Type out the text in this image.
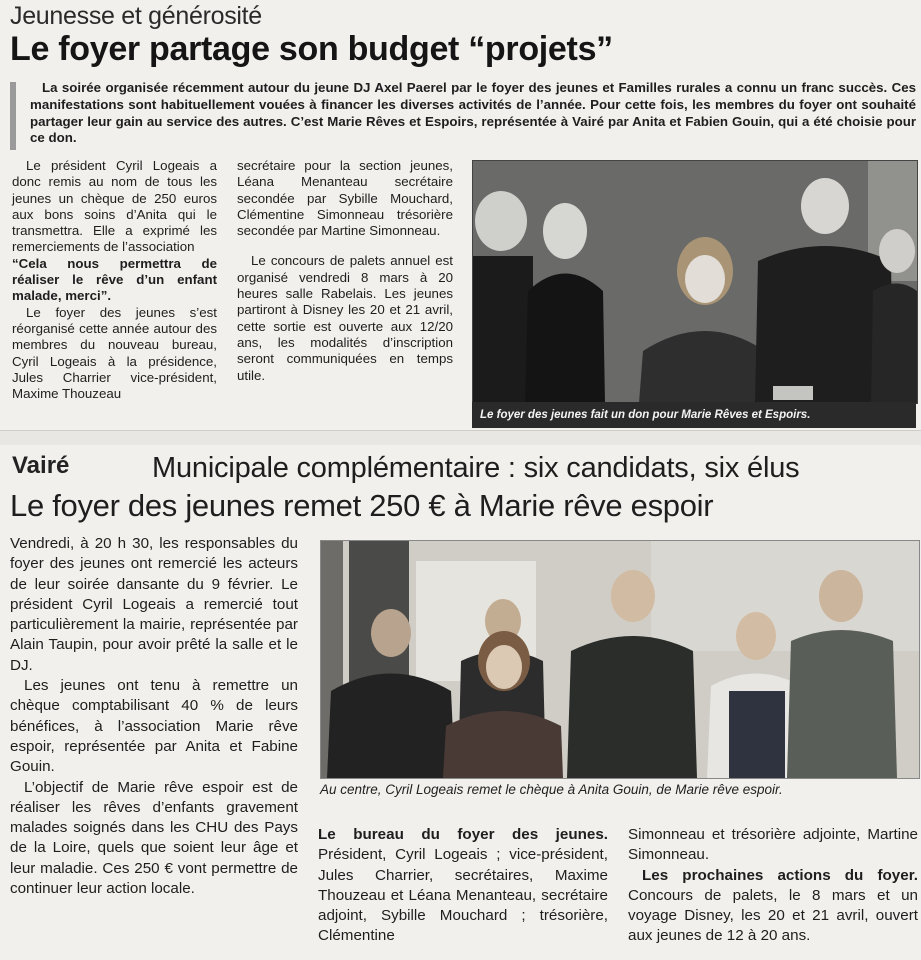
Jeunesse et générosité
Le foyer partage son budget “projets”
La soirée organisée récemment autour du jeune DJ Axel Paerel par le foyer des jeunes et Familles rurales a connu un franc succès. Ces manifestations sont habituellement vouées à financer les diverses activités de l’année. Pour cette fois, les membres du foyer ont souhaité partager leur gain au service des autres. C’est Marie Rêves et Espoirs, représentée à Vairé par Anita et Fabien Gouin, qui a été choisie pour ce don.

Le président Cyril Logeais a donc remis au nom de tous les jeunes un chèque de 250 euros aux bons soins d’Anita qui le transmettra. Elle a exprimé les remerciements de l’association

“Cela nous permettra de réaliser le rêve d’un enfant malade, merci”.

Le foyer des jeunes s’est réorganisé cette année autour des membres du nouveau bureau, Cyril Logeais à la présidence, Jules Charrier vice-président, Maxime Thouzeau

secrétaire pour la section jeunes, Léana Menanteau secrétaire secondée par Sybille Mouchard, Clémentine Simonneau trésorière secondée par Martine Simonneau.

Le concours de palets annuel est organisé vendredi 8 mars à 20 heures salle Rabelais. Les jeunes partiront à Disney les 20 et 21 avril, cette sortie est ouverte aux 12/20 ans, les modalités d’inscription seront communiquées en temps utile.

Le foyer des jeunes fait un don pour Marie Rêves et Espoirs.
Vairé	Municipale complémentaire : six candidats, six élus
Le foyer des jeunes remet 250 € à Marie rêve espoir

Vendredi, à 20 h 30, les responsables du foyer des jeunes ont remercié les acteurs de leur soirée dansante du 9 février. Le président Cyril Logeais a remercié tout particulièrement la mairie, représentée par Alain Taupin, pour avoir prêté la salle et le DJ.

Les jeunes ont tenu à remettre un chèque comptabilisant 40 % de leurs bénéfices, à l’association Marie rêve espoir, représentée par Anita et Fabine Gouin.

L’objectif de Marie rêve espoir est de réaliser les rêves d’enfants gravement malades soignés dans les CHU des Pays de la Loire, quels que soient leur âge et leur maladie. Ces 250 € vont permettre de continuer leur action locale.

Au centre, Cyril Logeais remet le chèque à Anita Gouin, de Marie rêve espoir.

Le bureau du foyer des jeunes. Président, Cyril Logeais ; vice-président, Jules Charrier, secrétaires, Maxime Thouzeau et Léana Menanteau, secrétaire adjoint, Sybille Mouchard ; trésorière, Clémentine

Simonneau et trésorière adjointe, Martine Simonneau.

Les prochaines actions du foyer. Concours de palets, le 8 mars et un voyage Disney, les 20 et 21 avril, ouvert aux jeunes de 12 à 20 ans.
